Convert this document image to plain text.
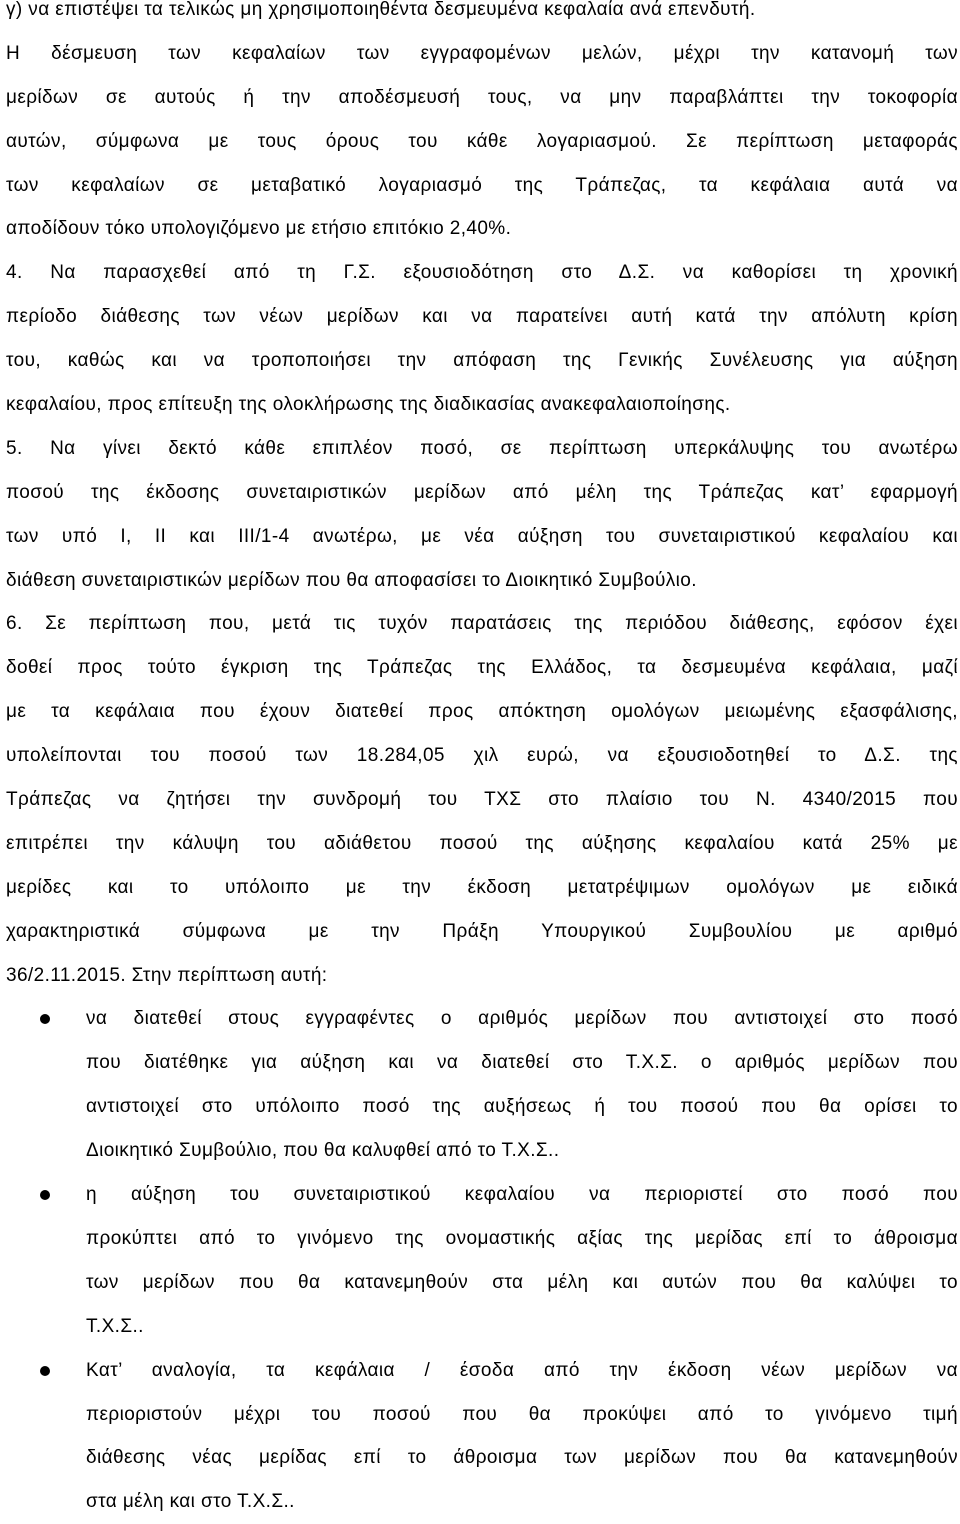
γ) να επιστέψει τα τελικώς μη χρησιμοποιηθέντα δεσμευμένα κεφαλαία ανά επενδυτή.
Η δέσμευση των κεφαλαίων των εγγραφομένων μελών, μέχρι την κατανομή των
μερίδων σε αυτούς ή την αποδέσμευσή τους, να μην παραβλάπτει την τοκοφορία
αυτών, σύμφωνα με τους όρους του κάθε λογαριασμού. Σε περίπτωση μεταφοράς
των κεφαλαίων σε μεταβατικό λογαριασμό της Τράπεζας, τα κεφάλαια αυτά να
αποδίδουν τόκο υπολογιζόμενο με ετήσιο επιτόκιο 2,40%.
4. Να παρασχεθεί από τη Γ.Σ. εξουσιοδότηση στο Δ.Σ. να καθορίσει τη χρονική
περίοδο διάθεσης των νέων μερίδων και να παρατείνει αυτή κατά την απόλυτη κρίση
του, καθώς και να τροποποιήσει την απόφαση της Γενικής Συνέλευσης για αύξηση
κεφαλαίου, προς επίτευξη της ολοκλήρωσης της διαδικασίας ανακεφαλαιοποίησης.
5. Να γίνει δεκτό κάθε επιπλέον ποσό, σε περίπτωση υπερκάλυψης του ανωτέρω
ποσού της έκδοσης συνεταιριστικών μερίδων από μέλη της Τράπεζας κατ’ εφαρμογή
των υπό Ι, ΙΙ και ΙΙΙ/1-4 ανωτέρω, με νέα αύξηση του συνεταιριστικού κεφαλαίου και
διάθεση συνεταιριστικών μερίδων που θα αποφασίσει το Διοικητικό Συμβούλιο.
6. Σε περίπτωση που, μετά τις τυχόν παρατάσεις της περιόδου διάθεσης, εφόσον έχει
δοθεί προς τούτο έγκριση της Τράπεζας της Ελλάδος, τα δεσμευμένα κεφάλαια, μαζί
με τα κεφάλαια που έχουν διατεθεί προς απόκτηση ομολόγων μειωμένης εξασφάλισης,
υπολείπονται του ποσού των 18.284,05 χιλ ευρώ, να εξουσιοδοτηθεί το Δ.Σ. της
Τράπεζας να ζητήσει την συνδρομή του ΤΧΣ στο πλαίσιο του Ν. 4340/2015 που
επιτρέπει την κάλυψη του αδιάθετου ποσού της αύξησης κεφαλαίου κατά 25% με
μερίδες και το υπόλοιπο με την έκδοση μετατρέψιμων ομολόγων με ειδικά
χαρακτηριστικά σύμφωνα με την Πράξη Υπουργικού Συμβουλίου με αριθμό
36/2.11.2015. Στην περίπτωση αυτή:
να διατεθεί στους εγγραφέντες ο αριθμός μερίδων που αντιστοιχεί στο ποσό
που διατέθηκε για αύξηση και να διατεθεί στο Τ.Χ.Σ. ο αριθμός μερίδων που
αντιστοιχεί στο υπόλοιπο ποσό της αυξήσεως ή του ποσού που θα ορίσει το
Διοικητικό Συμβούλιο, που θα καλυφθεί από το Τ.Χ.Σ..
η αύξηση του συνεταιριστικού κεφαλαίου να περιοριστεί στο ποσό που
προκύπτει από το γινόμενο της ονομαστικής αξίας της μερίδας επί το άθροισμα
των μερίδων που θα κατανεμηθούν στα μέλη και αυτών που θα καλύψει το
Τ.Χ.Σ..
Κατ’ αναλογία, τα κεφάλαια / έσοδα από την έκδοση νέων μερίδων να
περιοριστούν μέχρι του ποσού που θα προκύψει από το γινόμενο τιμή
διάθεσης νέας μερίδας επί το άθροισμα των μερίδων που θα κατανεμηθούν
στα μέλη και στο Τ.Χ.Σ..
